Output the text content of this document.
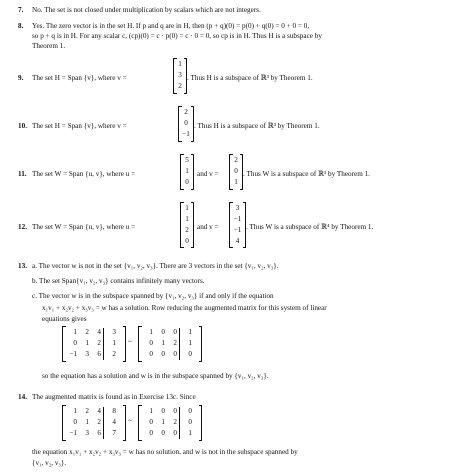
7. No. The set is not closed under multiplication by scalars which are not integers.
8. Yes. The zero vector is in the set H. If p and q are in H, then (p + q)(0) = p(0) + q(0) = 0 + 0 = 0,
so p + q is in H. For any scalar c, (cp)(0) = c · p(0) = c · 0 = 0, so cp is in H. Thus H is a subspace by
Theorem 1.
9. The set H = Span {v}, where v =
1
3
2
. Thus H is a subspace of ℝ³ by Theorem 1.
10. The set H = Span {v}, where v =
2
0
−1
. Thus H is a subspace of ℝ³ by Theorem 1.
11. The set W = Span {u, v}, where u =
5
1
0
and v =
2
0
1
. Thus W is a subspace of ℝ³ by Theorem 1.
12. The set W = Span {u, v}, where u =
1
1
2
0
and v =
3
−1
−1
4
. Thus W is a subspace of ℝ⁴ by Theorem 1.
13. a. The vector w is not in the set {v₁, v₂, v₃}. There are 3 vectors in the set {v₁, v₂, v₃}.
b. The set Span{v₁, v₂, v₃} contains infinitely many vectors.
c. The vector w is in the subspace spanned by {v₁, v₂, v₃} if and only if the equation
x₁v₁ + x₂v₂ + x₃v₃ = w has a solution. Row reducing the augmented matrix for this system of linear
equations gives
1	2	4	3
0	1	2	1
−1	3	6	2
~
1	0	0	1
0	1	2	1
0	0	0	0
so the equation has a solution and w is in the subspace spanned by {v₁, v₂, v₃}.
14. The augmented matrix is found as in Exercise 13c. Since
1	2	4	8
0	1	2	4
−1	3	6	7
~
1	0	0	0
0	1	2	0
0	0	0	1
the equation x₁v₁ + x₂v₂ + x₃v₃ = w has no solution, and w is not in the subspace spanned by
{v₁, v₂, v₃}.
